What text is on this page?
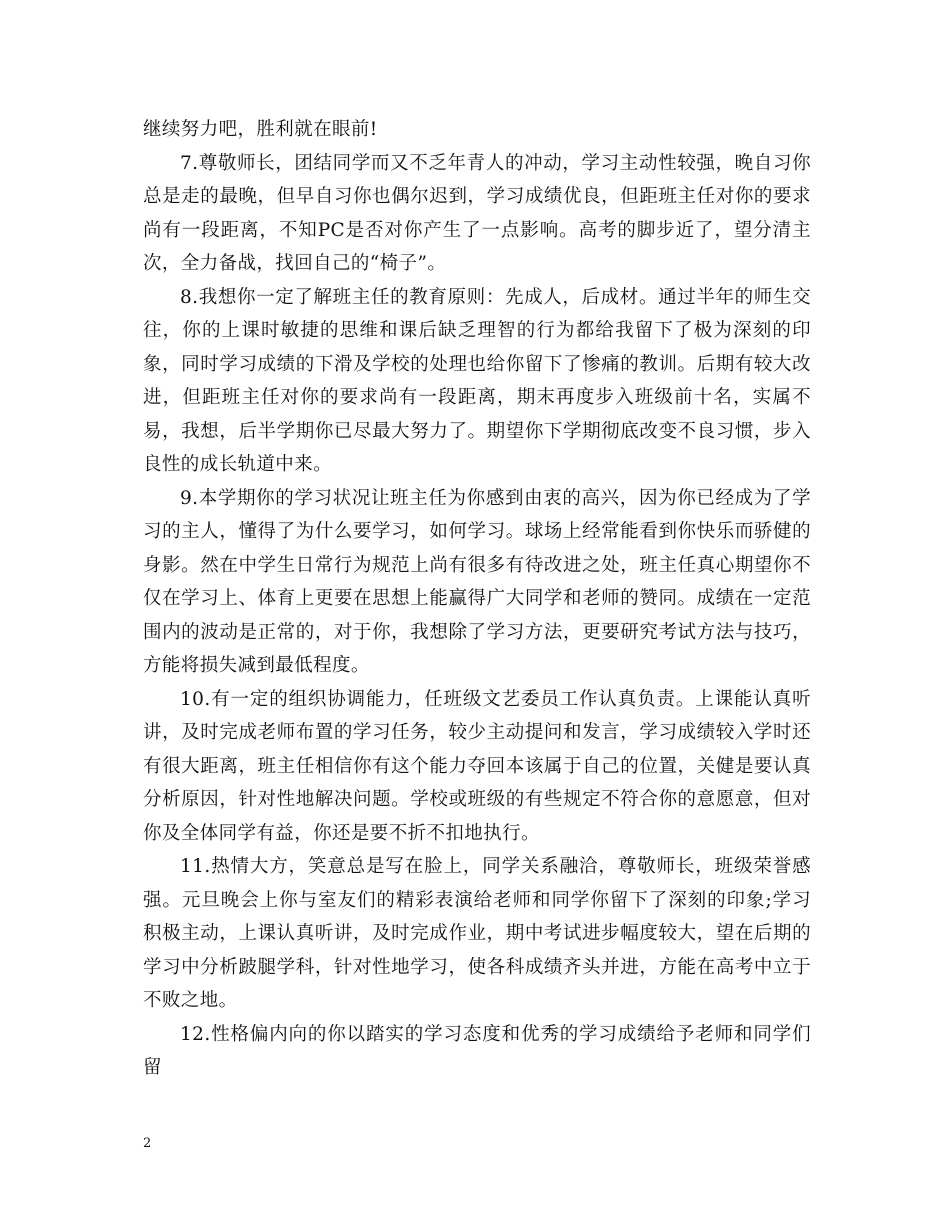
继续努力吧，胜利就在眼前!

7.尊敬师长，团结同学而又不乏年青人的冲动，学习主动性较强，晚自习你总是走的最晚，但早自习你也偶尔迟到，学习成绩优良，但距班主任对你的要求尚有一段距离，不知PC是否对你产生了一点影响。高考的脚步近了，望分清主次，全力备战，找回自己的“椅子”。

8.我想你一定了解班主任的教育原则：先成人，后成材。通过半年的师生交往，你的上课时敏捷的思维和课后缺乏理智的行为都给我留下了极为深刻的印象，同时学习成绩的下滑及学校的处理也给你留下了惨痛的教训。后期有较大改进，但距班主任对你的要求尚有一段距离，期末再度步入班级前十名，实属不易，我想，后半学期你已尽最大努力了。期望你下学期彻底改变不良习惯，步入良性的成长轨道中来。

9.本学期你的学习状况让班主任为你感到由衷的高兴，因为你已经成为了学习的主人，懂得了为什么要学习，如何学习。球场上经常能看到你快乐而骄健的身影。然在中学生日常行为规范上尚有很多有待改进之处，班主任真心期望你不仅在学习上、体育上更要在思想上能赢得广大同学和老师的赞同。成绩在一定范围内的波动是正常的，对于你，我想除了学习方法，更要研究考试方法与技巧，方能将损失减到最低程度。

10.有一定的组织协调能力，任班级文艺委员工作认真负责。上课能认真听讲，及时完成老师布置的学习任务，较少主动提问和发言，学习成绩较入学时还有很大距离，班主任相信你有这个能力夺回本该属于自己的位置，关健是要认真分析原因，针对性地解决问题。学校或班级的有些规定不符合你的意愿意，但对你及全体同学有益，你还是要不折不扣地执行。

11.热情大方，笑意总是写在脸上，同学关系融洽，尊敬师长，班级荣誉感强。元旦晚会上你与室友们的精彩表演给老师和同学你留下了深刻的印象;学习积极主动，上课认真听讲，及时完成作业，期中考试进步幅度较大，望在后期的学习中分析跛腿学科，针对性地学习，使各科成绩齐头并进，方能在高考中立于不败之地。

12.性格偏内向的你以踏实的学习态度和优秀的学习成绩给予老师和同学们留

2
